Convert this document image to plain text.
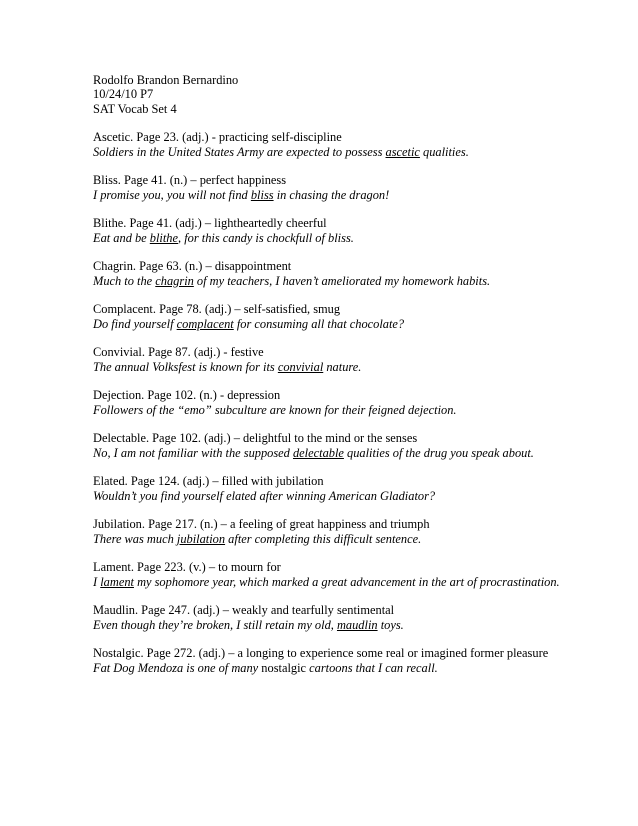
Rodolfo Brandon Bernardino
10/24/10 P7
SAT Vocab Set 4
Ascetic. Page 23. (adj.) - practicing self-discipline
Soldiers in the United States Army are expected to possess ascetic qualities.
Bliss. Page 41. (n.) – perfect happiness
I promise you, you will not find bliss in chasing the dragon!
Blithe. Page 41. (adj.) – lightheartedly cheerful
Eat and be blithe, for this candy is chockfull of bliss.
Chagrin. Page 63. (n.) – disappointment
Much to the chagrin of my teachers, I haven’t ameliorated my homework habits.
Complacent. Page 78. (adj.) – self-satisfied, smug
Do find yourself complacent for consuming all that chocolate?
Convivial. Page 87. (adj.) - festive
The annual Volksfest is known for its convivial nature.
Dejection. Page 102. (n.) - depression
Followers of the “emo” subculture are known for their feigned dejection.
Delectable. Page 102. (adj.) – delightful to the mind or the senses
No, I am not familiar with the supposed delectable qualities of the drug you speak about.
Elated. Page 124. (adj.) – filled with jubilation
Wouldn’t you find yourself elated after winning American Gladiator?
Jubilation. Page 217. (n.) – a feeling of great happiness and triumph
There was much jubilation after completing this difficult sentence.
Lament. Page 223. (v.) – to mourn for
I lament my sophomore year, which marked a great advancement in the art of procrastination.
Maudlin. Page 247. (adj.) – weakly and tearfully sentimental
Even though they’re broken, I still retain my old, maudlin toys.
Nostalgic. Page 272. (adj.) – a longing to experience some real or imagined former pleasure
Fat Dog Mendoza is one of many nostalgic cartoons that I can recall.
